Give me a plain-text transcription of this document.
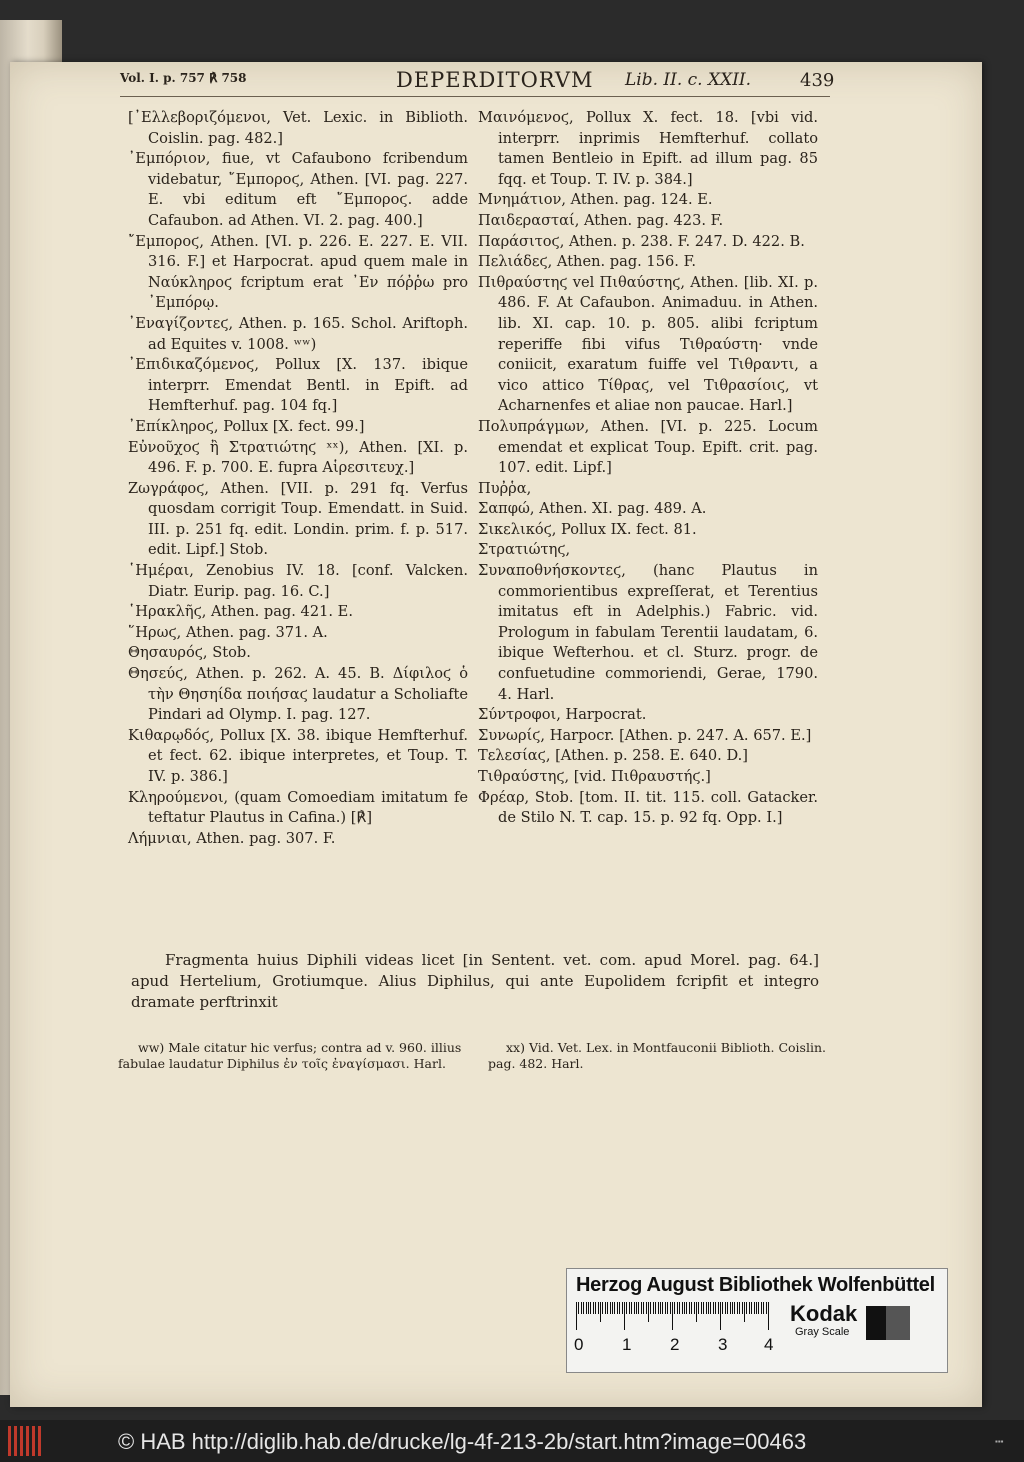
Vol. I. p. 757 ℟ 758	DEPERDITORVM Lib. II. c. XXII.	439
[᾿Ελλεβοριζόμενοι, Vet. Lexic. in Biblioth. Coislin. pag. 482.]
᾿Εμπόριον, fiue, vt Cafaubono fcribendum videbatur, ῎Εμποροϛ, Athen. [VI. pag. 227. E. vbi editum eft ῎Εμποροϛ. adde Cafaubon. ad Athen. VI. 2. pag. 400.]
῎Εμποροϛ, Athen. [VI. p. 226. E. 227. E. VII. 316. F.] et Harpocrat. apud quem male in Ναύκληροϛ fcriptum erat ᾿Εν πόῤῥω pro ᾿Εμπόρῳ.
᾿Εναγίζοντεϛ, Athen. p. 165. Schol. Ariftoph. ad Equites v. 1008. ʷʷ)
᾿Επιδικαζόμενοϛ, Pollux [X. 137. ibique interprr. Emendat Bentl. in Epift. ad Hemfterhuf. pag. 104 fq.]
᾿Επίκληροϛ, Pollux [X. fect. 99.]
Εὐνοῦχοϛ ἢ Στρατιώτηϛ ˣˣ), Athen. [XI. p. 496. F. p. 700. E. fupra Αἱρεσιτευχ.]
Ζωγράφοϛ, Athen. [VII. p. 291 fq. Verfus quosdam corrigit Toup. Emendatt. in Suid. III. p. 251 fq. edit. Londin. prim. f. p. 517. edit. Lipf.] Stob.
῾Ημέραι, Zenobius IV. 18. [conf. Valcken. Diatr. Eurip. pag. 16. C.]
῾Ηρακλῆϛ, Athen. pag. 421. E.
῞Ηρωϛ, Athen. pag. 371. A.
Θησαυρόϛ, Stob.
Θησεύϛ, Athen. p. 262. A. 45. B. Δίφιλοϛ ὁ τὴν Θησηίδα ποιήσαϛ laudatur a Scholiafte Pindari ad Olymp. I. pag. 127.
Κιθαρῳδόϛ, Pollux [X. 38. ibique Hemfterhuf. et fect. 62. ibique interpretes, et Toup. T. IV. p. 386.]
Κληρούμενοι, (quam Comoediam imitatum fe teftatur Plautus in Cafina.) [℟]
Λήμνιαι, Athen. pag. 307. F.
Μαινόμενοϛ, Pollux X. fect. 18. [vbi vid. interprr. inprimis Hemfterhuf. collato tamen Bentleio in Epift. ad illum pag. 85 fqq. et Toup. T. IV. p. 384.]
Μνημάτιον, Athen. pag. 124. E.
Παιδερασταί, Athen. pag. 423. F.
Παράσιτοϛ, Athen. p. 238. F. 247. D. 422. B.
Πελιάδεϛ, Athen. pag. 156. F.
Πιθραύστηϛ vel Πιθαύστηϛ, Athen. [lib. XI. p. 486. F. At Cafaubon. Animaduu. in Athen. lib. XI. cap. 10. p. 805. alibi fcriptum reperiffe fibi vifus Τιθραύστη· vnde coniicit, exaratum fuiffe vel Τιθραντι, a vico attico Τίθραϛ, vel Τιθρασίοιϛ, vt Acharnenfes et aliae non paucae. Harl.]
Πολυπράγμων, Athen. [VI. p. 225. Locum emendat et explicat Toup. Epift. crit. pag. 107. edit. Lipf.]
Πυῤῥα,
Σαπφώ, Athen. XI. pag. 489. A.
Σικελικόϛ, Pollux IX. fect. 81.
Στρατιώτηϛ,
Συναποθνήσκοντεϛ, (hanc Plautus in commorientibus expreſſerat, et Terentius imitatus eft in Adelphis.) Fabric. vid. Prologum in fabulam Terentii laudatam, 6. ibique Wefterhou. et cl. Sturz. progr. de confuetudine commoriendi, Gerae, 1790. 4. Harl.
Σύντροφοι, Harpocrat.
Συνωρίϛ, Harpocr. [Athen. p. 247. A. 657. E.]
Τελεσίαϛ, [Athen. p. 258. E. 640. D.]
Τιθραύστηϛ, [vid. Πιθραυστήϛ.]
Φρέαρ, Stob. [tom. II. tit. 115. coll. Gatacker. de Stilo N. T. cap. 15. p. 92 fq. Opp. I.]
Fragmenta huius Diphili videas licet [in Sentent. vet. com. apud Morel. pag. 64.] apud Hertelium, Grotiumque. Alius Diphilus, qui ante Eupolidem fcripfit et integro dramate perftrinxit
ww) Male citatur hic verfus; contra ad v. 960. illius fabulae laudatur Diphilus ἐν τοῖς ἐναγίσμασι. Harl.
xx) Vid. Vet. Lex. in Montfauconii Biblioth. Coislin. pag. 482. Harl.
Herzog August Bibliothek Wolfenbüttel
0 1 2 3 4
Kodak
Gray Scale
© HAB http://diglib.hab.de/drucke/lg-4f-213-2b/start.htm?image=00463	▪▪▪
